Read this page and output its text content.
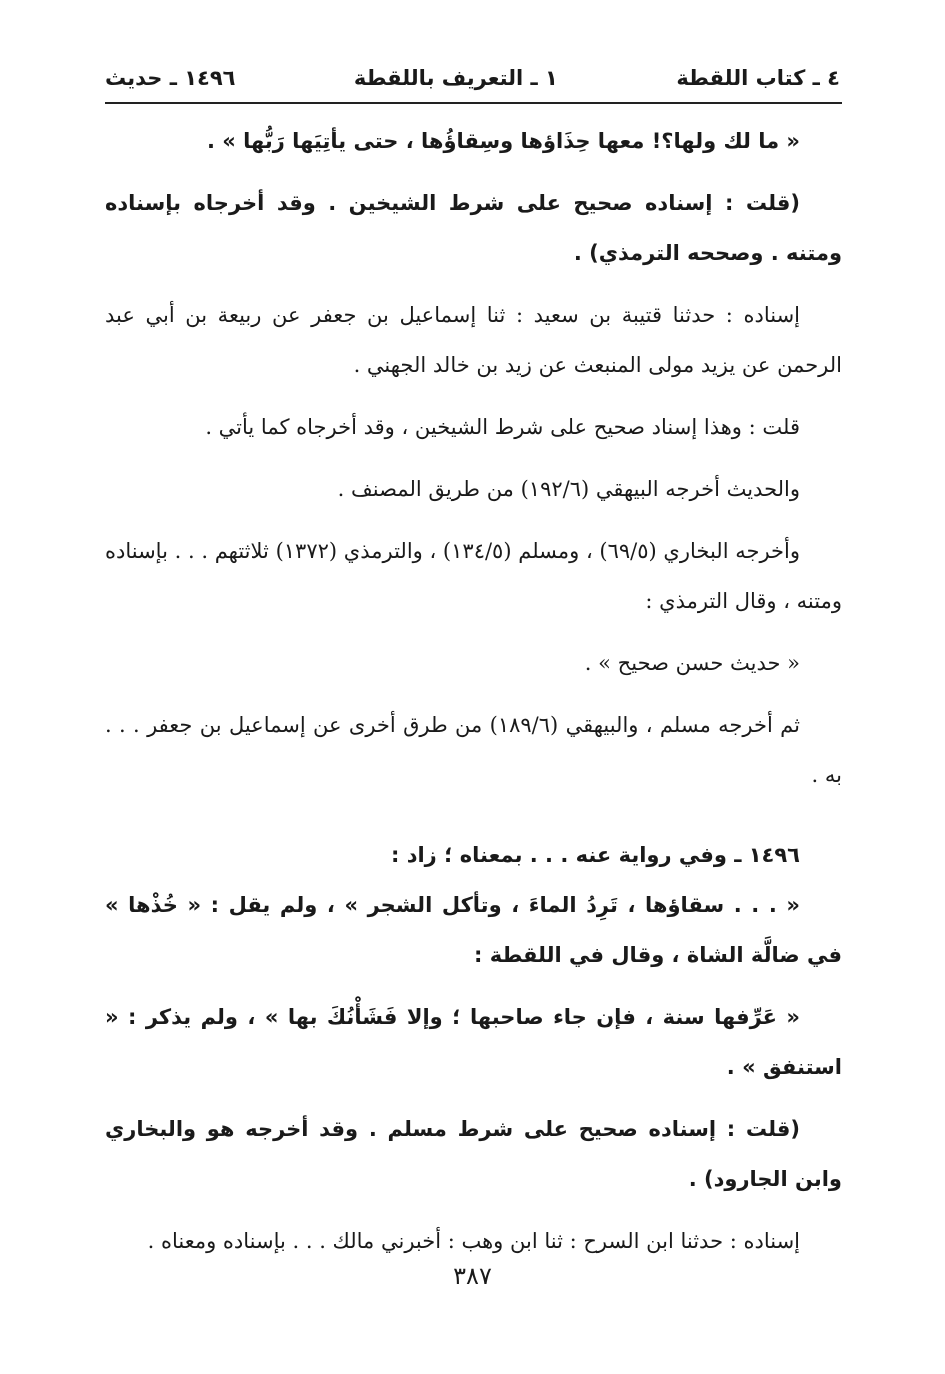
٤ ـ كتاب اللقطة
١ ـ التعريف باللقطة
١٤٩٦ ـ حديث

« ما لك ولها؟! معها حِذَاؤها وسِقاؤُها ، حتى يأتِيَها رَبُّها » .

(قلت : إسناده صحيح على شرط الشيخين . وقد أخرجاه بإسناده ومتنه . وصححه الترمذي) .

إسناده : حدثنا قتيبة بن سعيد : ثنا إسماعيل بن جعفر عن ربيعة بن أبي عبد الرحمن عن يزيد مولى المنبعث عن زيد بن خالد الجهني .

قلت : وهذا إسناد صحيح على شرط الشيخين ، وقد أخرجاه كما يأتي .

والحديث أخرجه البيهقي (١٩٢/٦) من طريق المصنف .

وأخرجه البخاري (٦٩/٥) ، ومسلم (١٣٤/٥) ، والترمذي (١٣٧٢) ثلاثتهم . . . بإسناده ومتنه ، وقال الترمذي :

« حديث حسن صحيح » .

ثم أخرجه مسلم ، والبيهقي (١٨٩/٦) من طرق أخرى عن إسماعيل بن جعفر . . . به .

١٤٩٦ ـ وفي رواية عنه . . . بمعناه ؛ زاد :

« . . . سقاؤها ، تَرِدُ الماءَ ، وتأكل الشجر » ، ولم يقل : « خُذْها » في ضالَّة الشاة ، وقال في اللقطة :

« عَرِّفها سنة ، فإن جاء صاحبها ؛ وإلا فَشَأْنُكَ بها » ، ولم يذكر : « استنفق » .

(قلت : إسناده صحيح على شرط مسلم . وقد أخرجه هو والبخاري وابن الجارود) .

إسناده : حدثنا ابن السرح : ثنا ابن وهب : أخبرني مالك . . . بإسناده ومعناه .

٣٨٧
